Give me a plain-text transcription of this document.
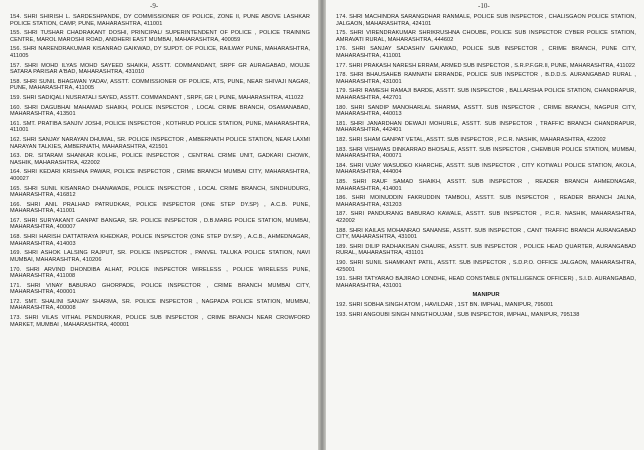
-9-
154. SHRI SHIRISH L. SARDESHPANDE, DY COMMISSIONER OF POLICE, ZONE II, PUNE ABOVE LASHKAR POLICE STATION, CAMP, PUNE, MAHARASHTRA, 411001
155. SHRI TUSHAR CHADRAKANT DOSHI, PRINCIPAL/ SUPERINTENDENT OF POLICE , POLICE TRAINING CENTRE, MAROL MAROSHI ROAD, ANDHERI EAST MUMBAI, MAHARASHTRA, 400059
156. SHRI NARENDRAKUMAR KISANRAO GAIKWAD, DY SUPDT. OF POLICE, RAILWAY PUNE, MAHARASHTRA, 411005
157. SHRI MOHD ILYAS MOHD SAYEED SHAIKH, ASSTT. COMMANDANT, SRPF GR AURAGABAD, MOUJE SATARA PARISAR A'BAD, MAHARASHTRA, 431010
158. SHRI SUNIL BHAGWAN YADAV, ASSTT. COMMISSIONER OF POLICE, ATS, PUNE, NEAR SHIVAJI NAGAR, PUNE, MAHARASHTRA, 411005
159. SHRI SADIQALI NUSRATALI SAYED, ASSTT. COMMANDANT , SRPF, GR I, PUNE, MAHARASHTRA, 411022
160. SHRI DAGUBHAI MAHAMAD SHAIKH, POLICE INSPECTOR , LOCAL CRIME BRANCH, OSAMANABAD, MAHARASHTRA, 413501
161. SMT. PRATIBA SANJIV JOSHI, POLICE INSPECTOR , KOTHRUD POLICE STATION, PUNE, MAHARASHTRA, 411001
162. SHRI SANJAY NARAYAN DHUMAL, SR. POLICE INSPECTOR , AMBERNATH POLICE STATION, NEAR LAXMI NARAYAN TALKIES, AMBERNATH, MAHARASHTRA, 421501
163. DR. SITARAM SHANKAR KOLHE, POLICE INSPECTOR , CENTRAL CRIME UNIT, GADKARI CHOWK, NASHIK, MAHARASHTRA, 422002
164. SHRI KEDARI KRISHNA PAWAR, POLICE INSPECTOR , CRIME BRANCH MUMBAI CITY, MAHARASHTRA, 400027
165. SHRI SUNIL KISANRAO DHANAWADE, POLICE INSPECTOR , LOCAL CRIME BRANCH, SINDHUDURG, MAHARASHTRA, 416812
166. SHRI ANIL PRALHAD PATRUDKAR, POLICE INSPECTOR (ONE STEP DY.SP) , A.C.B. PUNE, MAHARASHTRA, 411001
167. SHRI SURYAKANT GANPAT BANGAR, SR. POLICE INSPECTOR , D.B.MARG POLICE STATION, MUMBAI, MAHARASHTRA, 400007
168. SHRI HARISH DATTATRAYA KHEDKAR, POLICE INSPECTOR (ONE STEP DY.SP) , A.C.B., AHMEDNAGAR, MAHARASHTRA, 414003
169. SHRI ASHOK LALSING RAJPUT, SR. POLICE INSPECTOR , PANVEL TALUKA POLICE STATION, NAVI MUMBAI, MAHARASHTRA, 410206
170. SHRI ARVIND DHONDIBA ALHAT, POLICE INSPECTOR WIRELESS , POLICE WIRELESS PUNE, MAHARASHTRA, 411008
171. SHRI VINAY BABURAO GHORPADE, POLICE INSPECTOR , CRIME BRANCH MUMBAI CITY, MAHARASHTRA, 400001
172. SMT. SHALINI SANJAY SHARMA, SR. POLICE INSPECTOR , NAGPADA POLICE STATION, MUMBAI, MAHARASHTRA, 400008
173. SHRI VILAS VITHAL PENDURKAR, POLICE SUB INSPECTOR , CRIME BRANCH NEAR CROWFORD MARKET, MUMBAI , MAHARASHTRA, 400001
-10-
174. SHRI MACHINDRA SARANGDHAR RANMALE, POLICE SUB INSPECTOR , CHALISGAON POLICE STATION, JALGAON, MAHARASHTRA, 424101
175. SHRI VIRENDRAKUMAR SHRIKRUSHNA CHOUBE, POLICE SUB INSPECTOR CYBER POLICE STATION, AMRAVATI RURAL, MAHARASHTRA, 444602
176. SHRI SANJAY SADASHIV GAIKWAD, POLICE SUB INSPECTOR , CRIME BRANCH, PUNE CITY, MAHARASHTRA, 411001
177. SHRI PRAKASH NARESH ERRAM, ARMED SUB INSPECTOR , S.R.P.F.GR.II, PUNE, MAHARASHTRA, 411022
178. SHRI BHAUSAHEB RAMNATH ERRANDE, POLICE SUB INSPECTOR , B.D.D.S. AURANGABAD RURAL , MAHARASHTRA, 431001
179. SHRI RAMESH RAMAJI BARDE, ASSTT. SUB INSPECTOR , BALLARSHA POLICE STATION, CHANDRAPUR, MAHARASHTRA, 442701
180. SHRI SANDIP MANOHARLAL SHARMA, ASSTT. SUB INSPECTOR , CRIME BRANCH, NAGPUR CITY, MAHARASHTRA, 440013
181. SHRI JANARDHAN DEWAJI MOHURLE, ASSTT. SUB INSPECTOR , TRAFFIC BRANCH CHANDRAPUR, MAHARASHTRA, 442401
182. SHRI SHAM GANPAT VETAL, ASSTT. SUB INSPECTOR , P.C.R. NASHIK, MAHARASHTRA, 422002
183. SHRI VISHWAS DINKARRAO BHOSALE, ASSTT. SUB INSPECTOR , CHEMBUR POLICE STATION, MUMBAI, MAHARASHTRA, 400071
184. SHRI VIJAY WASUDEO KHARCHE, ASSTT. SUB INSPECTOR , CITY KOTWALI POLICE STATION, AKOLA, MAHARASHTRA, 444004
185. SHRI RAUF SAMAD SHAIKH, ASSTT. SUB INSPECTOR , READER BRANCH AHMEDNAGAR, MAHARASHTRA, 414001
186. SHRI MOINUDDIN FAKRUDDIN TAMBOLI, ASSTT. SUB INSPECTOR , READER BRANCH JALNA, MAHARASHTRA, 431203
187. SHRI PANDURANG BABURAO KAWALE, ASSTT. SUB INSPECTOR , P.C.R. NASHIK, MAHARASHTRA, 422002
188. SHRI KAILAS MOHANRAO SANANSE, ASSTT. SUB INSPECTOR , CANT TRAFFIC BRANCH AURANGABAD CITY, MAHARASHTRA, 431001
189. SHRI DILIP RADHAKISAN CHAURE, ASSTT. SUB INSPECTOR , POLICE HEAD QUARTER, AURANGABAD RURAL, MAHARASHTRA, 431101
190. SHRI SUNIL SHAMKANT PATIL, ASSTT. SUB INSPECTOR , S.D.P.O. OFFICE JALGAON, MAHARASHTRA, 425001
191. SHRI TATYARAO BAJIRAO LONDHE, HEAD CONSTABLE (INTELLIGENCE OFFICER) , S.I.D. AURANGABAD, MAHARASHTRA, 431001
MANIPUR
192. SHRI SOBHA SINGH ATOM , HAVILDAR , 1ST BN. IMPHAL, MANIPUR, 795001
193. SHRI ANGOUBI SINGH NINGTHOUJAM , SUB INSPECTOR, IMPHAL, MANIPUR, 795138
